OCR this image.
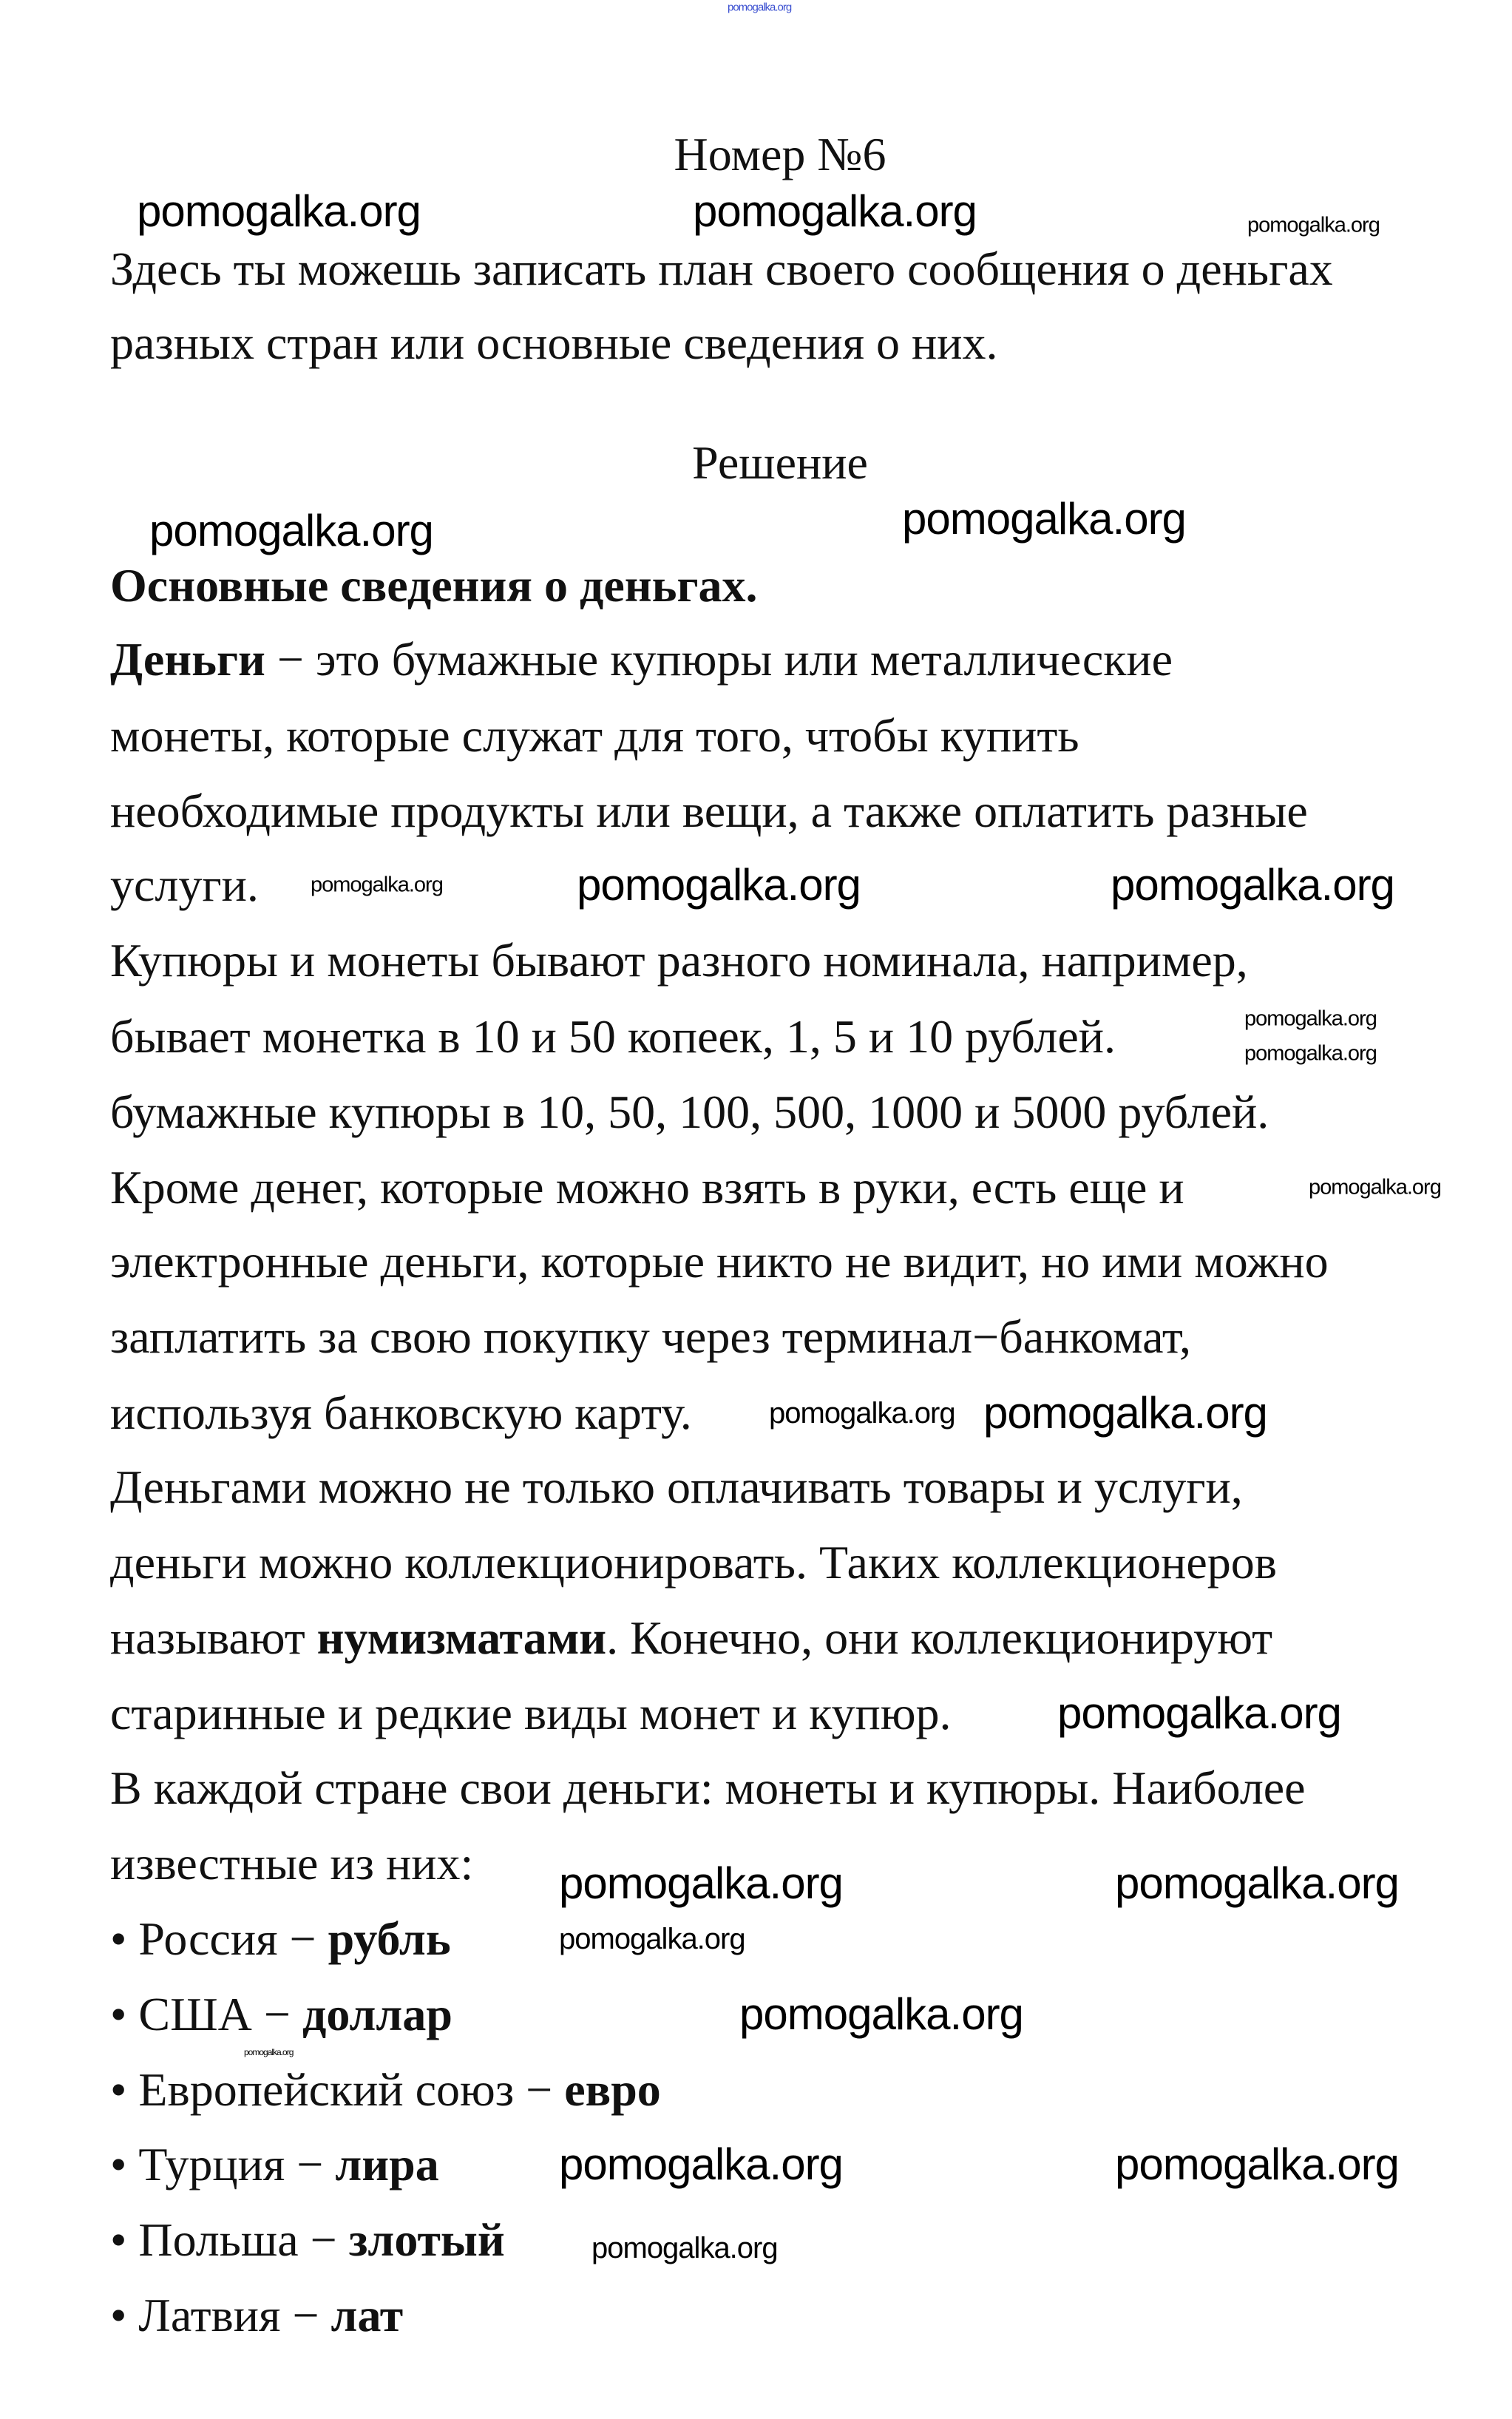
pomogalka.org
Номер №6
Здесь ты можешь записать план своего сообщения о деньгах
разных стран или основные сведения о них.
Решение
Основные сведения о деньгах.
Деньги − это бумажные купюры или металлические
монеты, которые служат для того, чтобы купить
необходимые продукты или вещи, а также оплатить разные
услуги.
Купюры и монеты бывают разного номинала, например,
бывает монетка в 10 и 50 копеек, 1, 5 и 10 рублей.
бумажные купюры в 10, 50, 100, 500, 1000 и 5000 рублей.
Кроме денег, которые можно взять в руки, есть еще и
электронные деньги, которые никто не видит, но ими можно
заплатить за свою покупку через терминал−банкомат,
используя банковскую карту.
Деньгами можно не только оплачивать товары и услуги,
деньги можно коллекционировать. Таких коллекционеров
называют нумизматами. Конечно, они коллекционируют
старинные и редкие виды монет и купюр.
В каждой стране свои деньги: монеты и купюры. Наиболее
известные из них:
• Россия − рубль
• США − доллар
• Европейский союз − евро
• Турция − лира
• Польша − злотый
• Латвия − лат
pomogalka.org	pomogalka.org	pomogalka.org
pomogalka.org
pomogalka.org
pomogalka.org
pomogalka.org	pomogalka.org
pomogalka.org
pomogalka.org
pomogalka.org
pomogalka.org pomogalka.org
pomogalka.org
pomogalka.org
pomogalka.org
pomogalka.org	pomogalka.org
pomogalka.org
pomogalka.org	pomogalka.org
pomogalka.org
